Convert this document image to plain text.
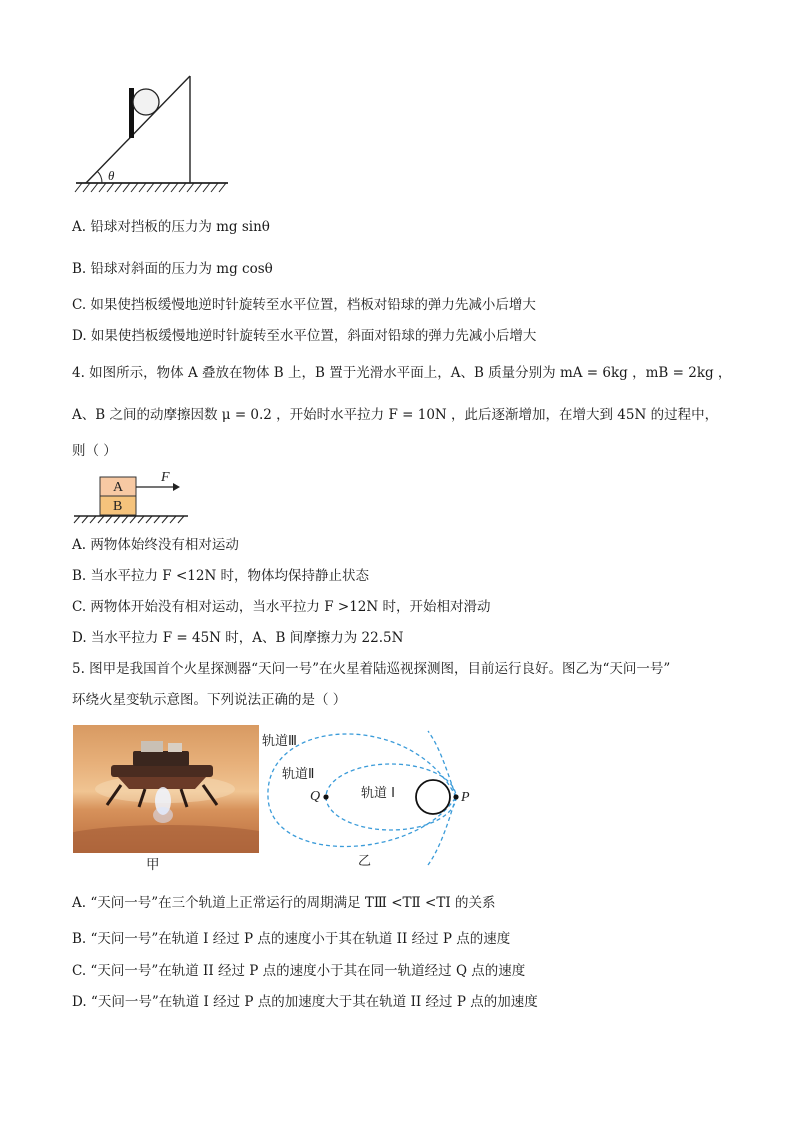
θ
A. 铅球对挡板的压力为 mg sinθ
B. 铅球对斜面的压力为 mg cosθ
C. 如果使挡板缓慢地逆时针旋转至水平位置，档板对铅球的弹力先减小后增大
D. 如果使挡板缓慢地逆时针旋转至水平位置，斜面对铅球的弹力先减小后增大
4. 如图所示，物体 A 叠放在物体 B 上，B 置于光滑水平面上，A、B 质量分别为 mA = 6kg ，mB = 2kg ，
A、B 之间的动摩擦因数 μ = 0.2 ，开始时水平拉力 F = 10N ，此后逐渐增加，在增大到 45N 的过程中，
则（ ）
A
B
F
A. 两物体始终没有相对运动
B. 当水平拉力 F <12N 时，物体均保持静止状态
C. 两物体开始没有相对运动，当水平拉力 F >12N 时，开始相对滑动
D. 当水平拉力 F = 45N 时，A、B 间摩擦力为 22.5N
5. 图甲是我国首个火星探测器“天问一号”在火星着陆巡视探测图，目前运行良好。图乙为“天问一号”
环绕火星变轨示意图。下列说法正确的是（ ）
甲
轨道Ⅲ
轨道Ⅱ
轨道 I
Q	P
乙
A. “天问一号”在三个轨道上正常运行的周期满足 TⅢ <TⅡ <TⅠ 的关系
B. “天问一号”在轨道 I 经过 P 点的速度小于其在轨道 II 经过 P 点的速度
C. “天问一号”在轨道 II 经过 P 点的速度小于其在同一轨道经过 Q 点的速度
D. “天问一号”在轨道 I 经过 P 点的加速度大于其在轨道 II 经过 P 点的加速度
